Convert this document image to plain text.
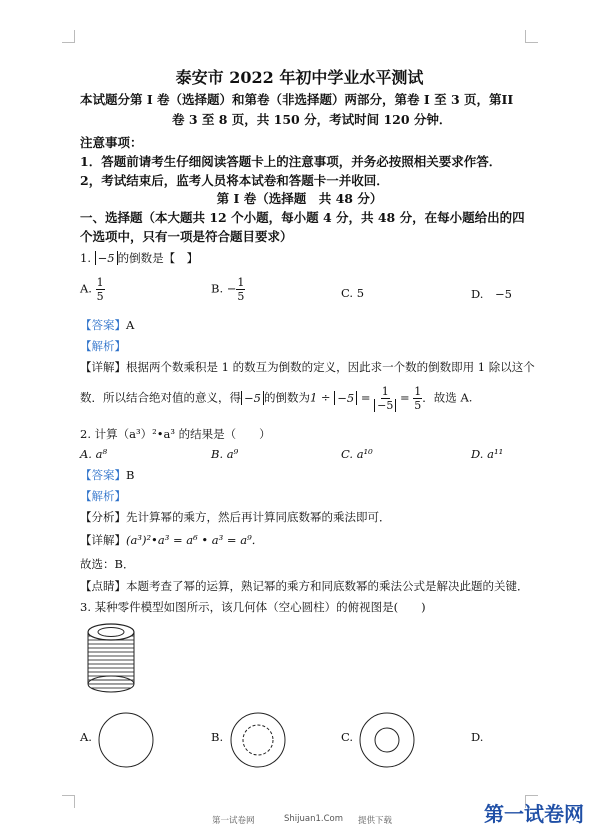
泰安市 2022 年初中学业水平测试
本试题分第 I 卷（选择题）和第卷（非选择题）两部分，第卷 I 至 3 页，第II
卷 3 至 8 页，共 150 分，考试时间 120 分钟．
注意事项：
1．答题前请考生仔细阅读答题卡上的注意事项，并务必按照相关要求作答．
2，考试结束后，监考人员将本试卷和答题卡一并收回．
第 I 卷（选择题　共 48 分）
一、选择题（本大题共 12 个小题，每小题 4 分，共 48 分，在每小题给出的四
个选项中，只有一项是符合题目要求）
1. −5 的倒数是【　】
A. $\frac{1}{5}$	B. − $\frac{1}{5}$	C. 5	D.　−5
【答案】A
【解析】
【详解】根据两个数乘积是 1 的数互为倒数的定义，因此求一个数的倒数即用 1 除以这个
数．所以结合绝对值的意义，得 −5 的倒数为$1 \div -5 = \frac{1}{-5} = \frac{1}{5}$ ．故选 A.
2. 计算（a³）²•a³ 的结果是（　　）
A. a⁸	B. a⁹	C. a¹⁰	D. a¹¹
【答案】B
【解析】
【分析】先计算幂的乘方，然后再计算同底数幂的乘法即可．
【详解】(a³)²•a³ = a⁶ • a³ = a⁹．
故选：B．
【点睛】本题考查了幂的运算，熟记幂的乘方和同底数幂的乘法公式是解决此题的关键．
3. 某种零件模型如图所示，该几何体（空心圆柱）的俯视图是(　　)
A.	B.	C.	D.
第一试卷网	Shijuan1.Com 提供下载	第一试卷网
